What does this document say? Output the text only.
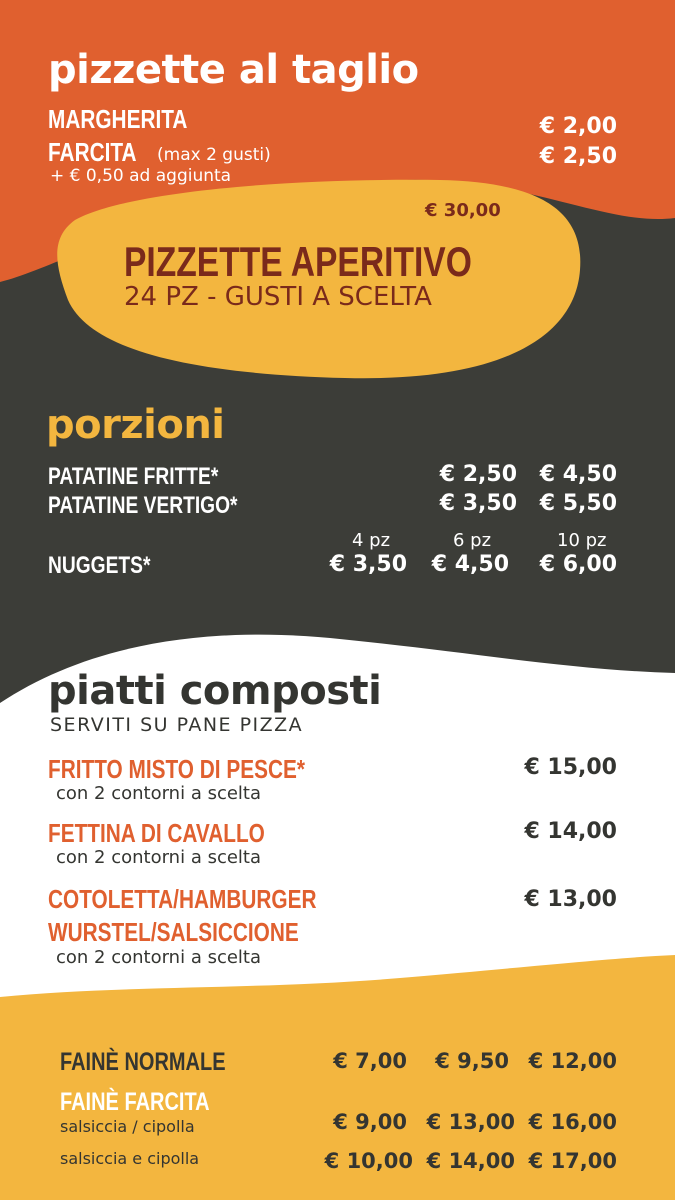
pizzette al taglio
MARGHERITA	€ 2,00
FARCITA (max 2 gusti)	€ 2,50
+ € 0,50 ad aggiunta
€ 30,00
PIZZETTE APERITIVO
24 PZ - GUSTI A SCELTA
porzioni
PATATINE FRITTE*	€ 2,50 € 4,50
PATATINE VERTIGO*	€ 3,50 € 5,50
4 pz	6 pz	10 pz
NUGGETS*	€ 3,50 € 4,50 € 6,00
piatti composti
SERVITI SU PANE PIZZA
FRITTO MISTO DI PESCE*	€ 15,00
con 2 contorni a scelta
FETTINA DI CAVALLO	€ 14,00
con 2 contorni a scelta
COTOLETTA/HAMBURGER	€ 13,00
WURSTEL/SALSICCIONE
con 2 contorni a scelta
FAINÈ NORMALE	€ 7,00 € 9,50 € 12,00
FAINÈ FARCITA
salsiccia / cipolla	€ 9,00 € 13,00 € 16,00
salsiccia e cipolla	€ 10,00 € 14,00 € 17,00
